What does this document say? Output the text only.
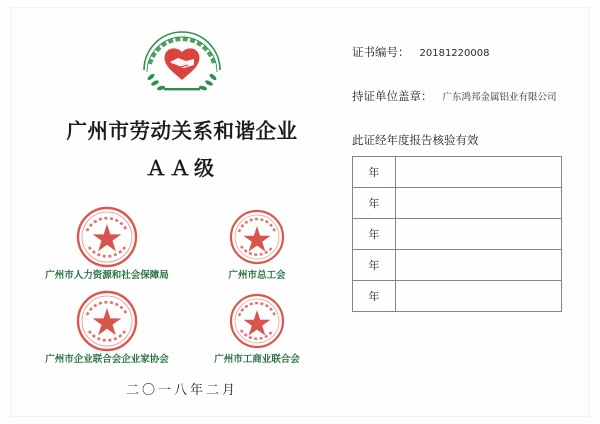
广州市劳动关系和谐企业
ＡＡ级
广州市人力资源和社会保障局	广州市总工会
广州市企业联合会企业家协会	广州市工商业联合会
二〇一八年二月
证书编号： 20181220008
持证单位盖章： 广东鸿邦金属铝业有限公司
此证经年度报告核验有效
年	
年	
年	
年	
年	
